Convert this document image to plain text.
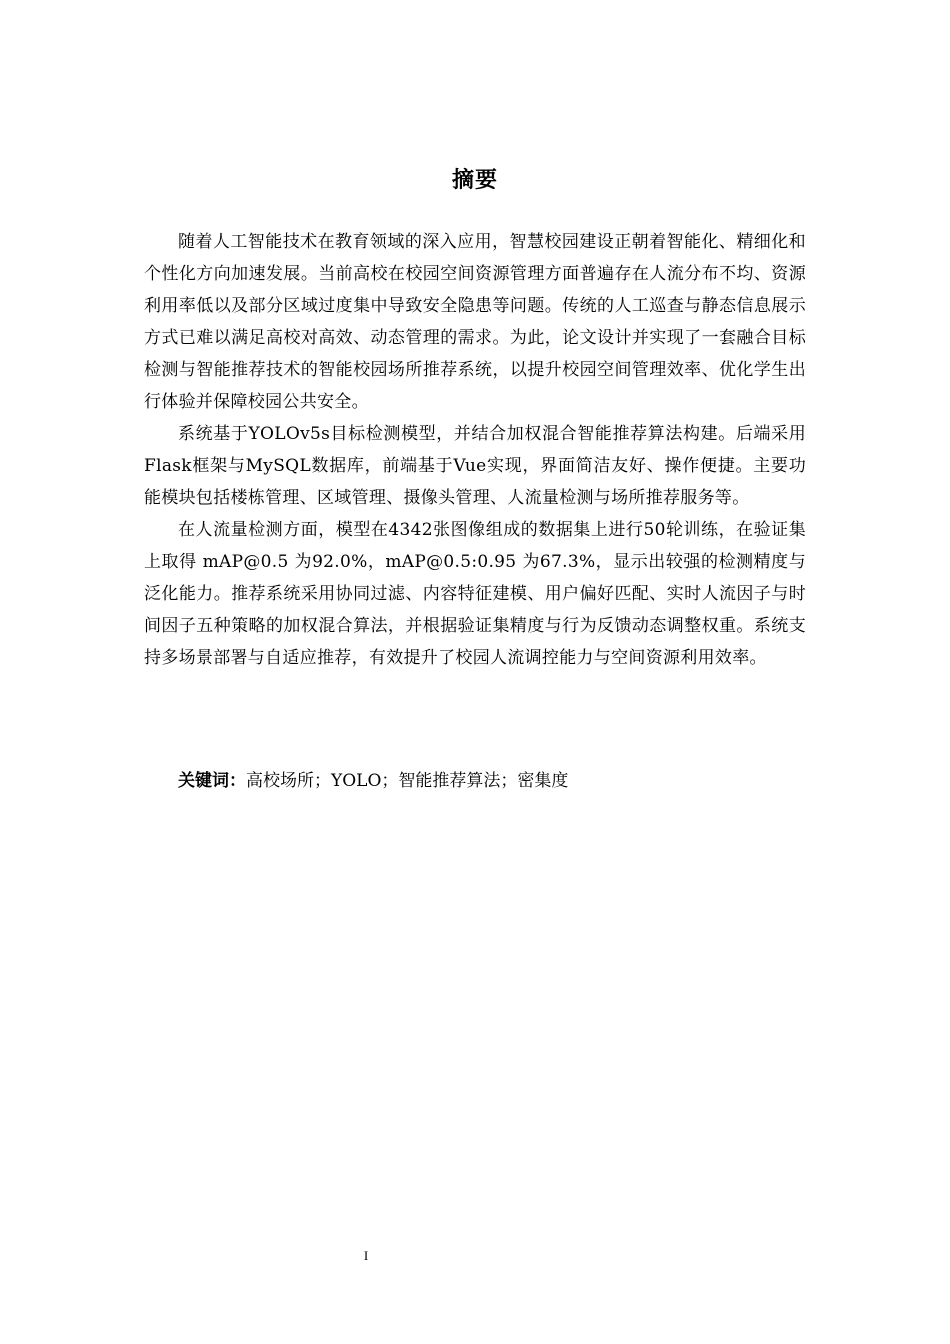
摘要

随着人工智能技术在教育领域的深入应用，智慧校园建设正朝着智能化、精细化和个性化方向加速发展。当前高校在校园空间资源管理方面普遍存在人流分布不均、资源利用率低以及部分区域过度集中导致安全隐患等问题。传统的人工巡查与静态信息展示方式已难以满足高校对高效、动态管理的需求。为此，论文设计并实现了一套融合目标检测与智能推荐技术的智能校园场所推荐系统，以提升校园空间管理效率、优化学生出行体验并保障校园公共安全。

系统基于YOLOv5s目标检测模型，并结合加权混合智能推荐算法构建。后端采用Flask框架与MySQL数据库，前端基于Vue实现，界面简洁友好、操作便捷。主要功能模块包括楼栋管理、区域管理、摄像头管理、人流量检测与场所推荐服务等。

在人流量检测方面，模型在4342张图像组成的数据集上进行50轮训练，在验证集上取得 mAP@0.5 为92.0%，mAP@0.5:0.95 为67.3%，显示出较强的检测精度与泛化能力。推荐系统采用协同过滤、内容特征建模、用户偏好匹配、实时人流因子与时间因子五种策略的加权混合算法，并根据验证集精度与行为反馈动态调整权重。系统支持多场景部署与自适应推荐，有效提升了校园人流调控能力与空间资源利用效率。

关键词：高校场所；YOLO；智能推荐算法；密集度
I
